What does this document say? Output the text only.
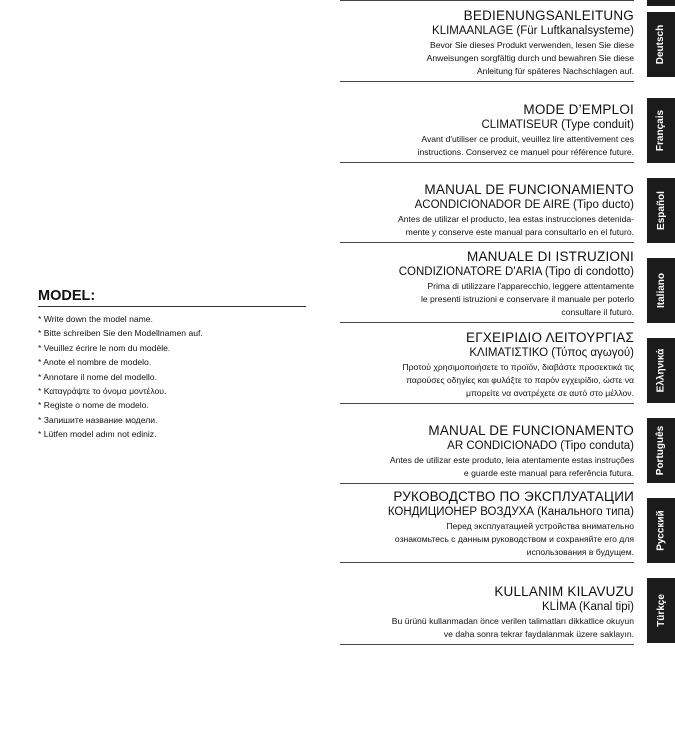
BEDIENUNGSANLEITUNG

KLIMAANLAGE (Für Luftkanalsysteme)

Bevor Sie dieses Produkt verwenden, lesen Sie diese

Anweisungen sorgfältig durch und bewahren Sie diese

Anleitung für späteres Nachschlagen auf.

MODE D’EMPLOI

CLIMATISEUR (Type conduit)

Avant d'utiliser ce produit, veuillez lire attentivement ces

instructions. Conservez ce manuel pour référence future.

MANUAL DE FUNCIONAMIENTO

ACONDICIONADOR DE AIRE (Tipo ducto)

Antes de utilizar el producto, lea estas instrucciones detenida-

mente y conserve este manual para consultarlo en el futuro.

MANUALE DI ISTRUZIONI

CONDIZIONATORE D'ARIA (Tipo di condotto)

Prima di utilizzare l'apparecchio, leggere attentamente

le presenti istruzioni e conservare il manuale per poterlo

consultare il futuro.

ΕΓΧΕΙΡΙΔΙΟ ΛΕΙΤΟΥΡΓΙΑΣ

ΚΛΙΜΑΤΙΣΤΙΚΟ (Τύπος αγωγού)

Προτού χρησιμοποιήσετε το προϊόν, διαβάστε προσεκτικά τις

παρούσες οδηγίες και φυλάξτε το παρόν εγχειρίδιο, ώστε να

μπορείτε να ανατρέχετε σε αυτό στο μέλλον.

MANUAL DE FUNCIONAMENTO

AR CONDICIONADO (Tipo conduta)

Antes de utilizar este produto, leia atentamente estas instruções

e guarde este manual para referência futura.

РУКОВОДСТВО ПО ЭКСПЛУАТАЦИИ

КОНДИЦИОНЕР ВОЗДУХА (Канального типа)

Перед эксплуатацией устройства внимательно

ознакомьтесь с данным руководством и сохраняйте его для

использования в будущем.

KULLANIM KILAVUZU

KLİMA (Kanal tipi)

Bu ürünü kullanmadan önce verilen talimatları dikkatlice okuyun

ve daha sonra tekrar faydalanmak üzere saklayın.

Deutsch
Français
Español
Italiano
Ελληνικά
Português
Русский
Türkçe

MODEL:

* Write down the model name.
* Bitte schreiben Sie den Modellnamen auf.
* Veuillez écrire le nom du modèle.
* Anote el nombre de modelo.
* Annotare il nome del modello.
* Καταγράψτε το όνομα μοντέλου.
* Registe o nome de modelo.
* Запишите название модели.
* Lütfen model adını not ediniz.
